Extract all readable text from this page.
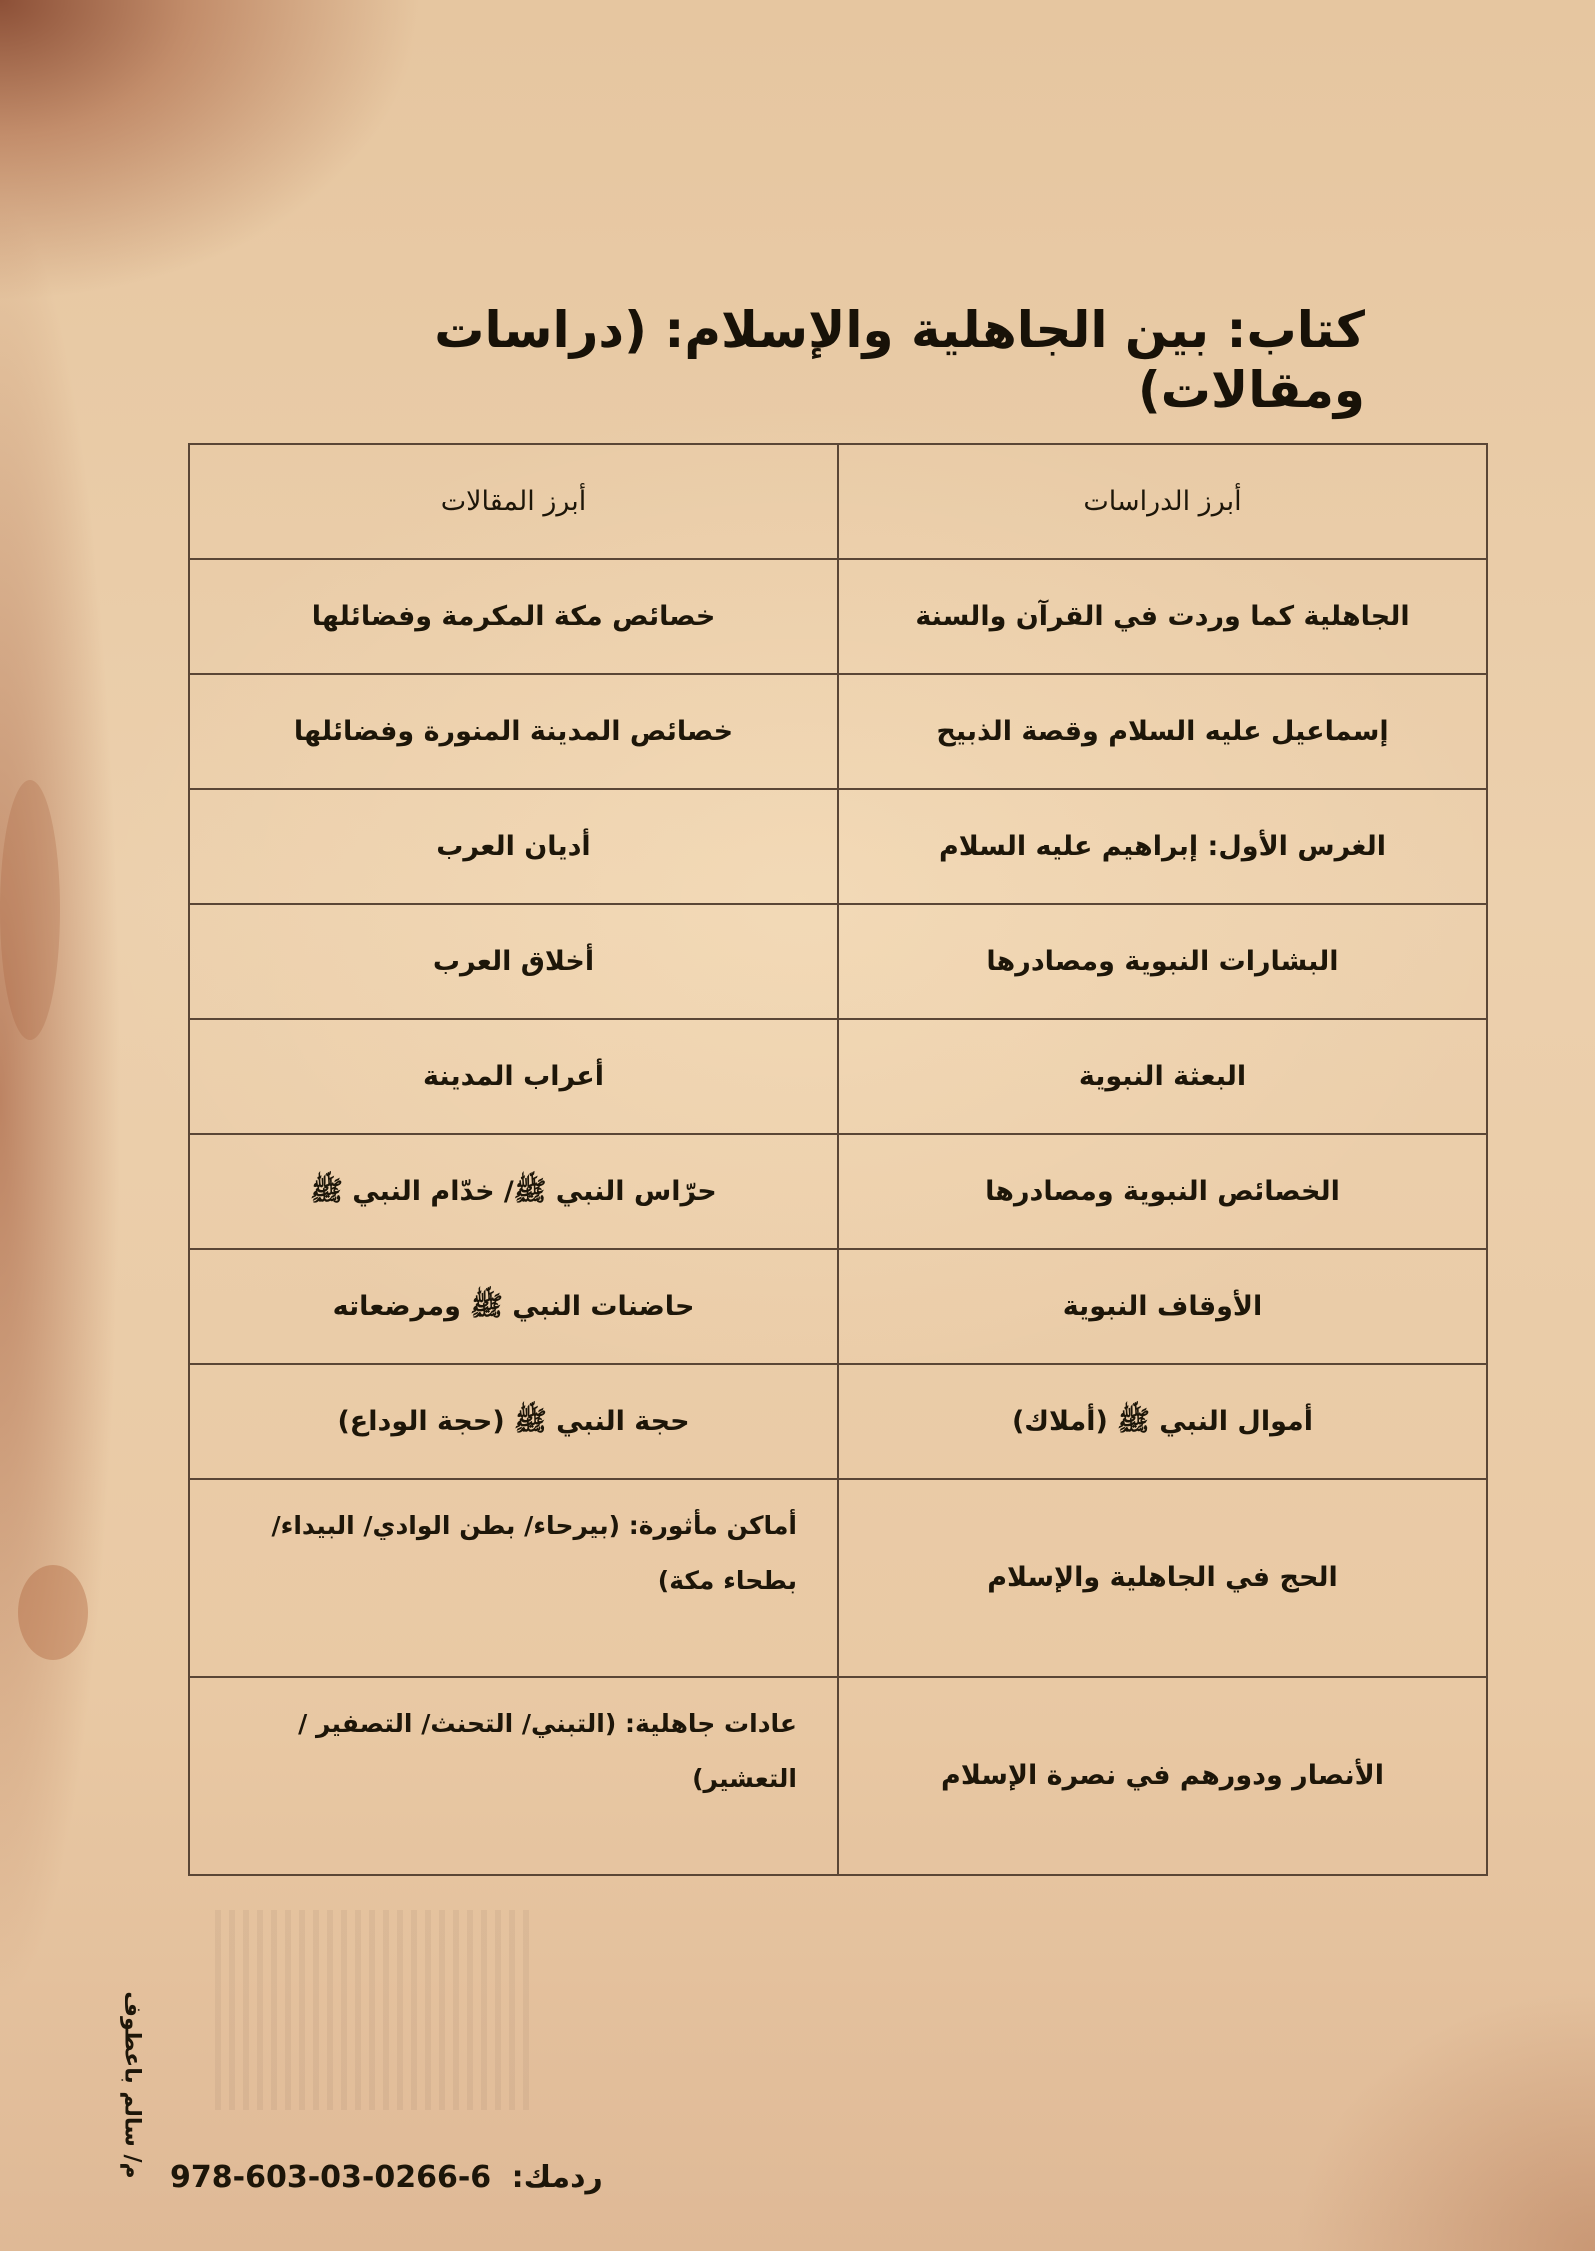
كتاب: بين الجاهلية والإسلام: (دراسات ومقالات)
أبرز الدراسات	أبرز المقالات
الجاهلية كما وردت في القرآن والسنة	خصائص مكة المكرمة وفضائلها
إسماعيل عليه السلام وقصة الذبيح	خصائص المدينة المنورة وفضائلها
الغرس الأول: إبراهيم عليه السلام	أديان العرب
البشارات النبوية ومصادرها	أخلاق العرب
البعثة النبوية	أعراب المدينة
الخصائص النبوية ومصادرها	حرّاس النبي ﷺ/ خدّام النبي ﷺ
الأوقاف النبوية	حاضنات النبي ﷺ ومرضعاته
أموال النبي ﷺ (أملاك)	حجة النبي ﷺ (حجة الوداع)
الحج في الجاهلية والإسلام	أماكن مأثورة: (بيرحاء/ بطن الوادي/ البيداء/
بطحاء مكة)

الأنصار ودورهم في نصرة الإسلام	عادات جاهلية: (التبني/ التحنث/ التصفير /
التعشير)
م/ سالم باعطوف 978-603-03-0266-6 ردمك:
